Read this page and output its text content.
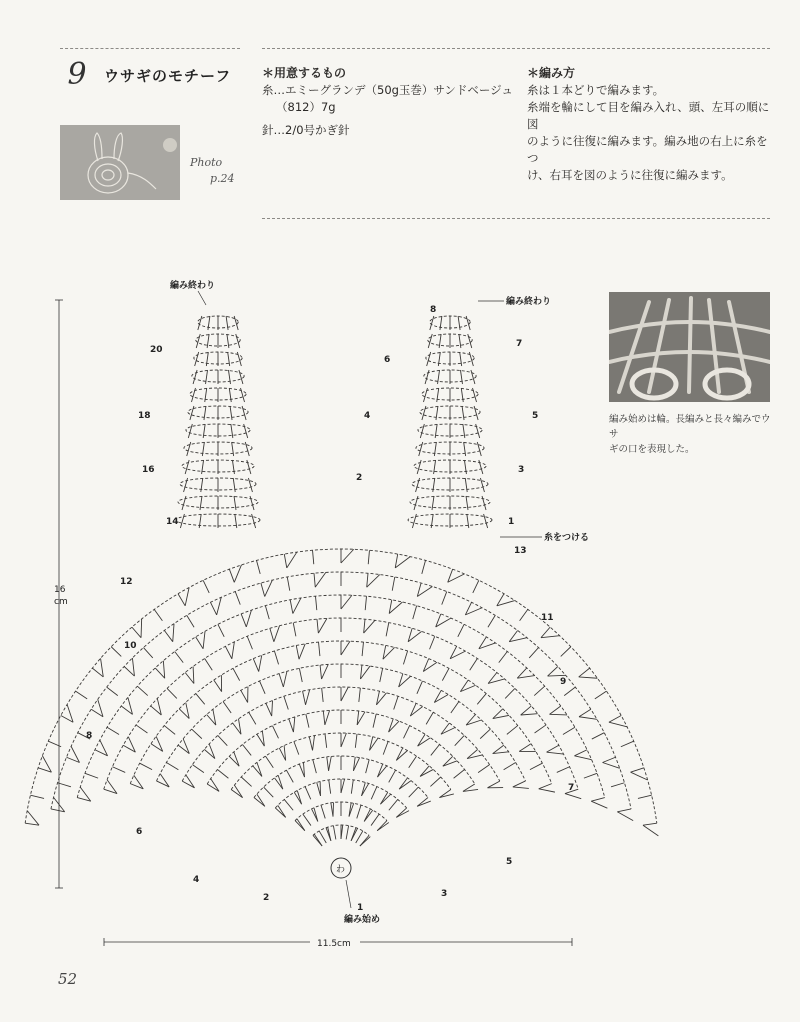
9	ウサギのモチーフ
Photo
p.24
＊用意するもの
糸…エミーグランデ（50g玉巻）サンドベージュ
（812）7g
針…2/0号かぎ針
＊編み方
糸は１本どりで編みます。
糸端を輪にして目を編み入れ、頭、左耳の順に図
のように往復に編みます。編み地の右上に糸をつ
け、右耳を図のように往復に編みます。
わ
16
cm
11.5cm
編み終わり
編み終わり
糸をつける
編み始め
20
18
16
14
12
10
8
6
4
2
13
11
9
7
5
3
1
8
6
4
2
7
5
3
1
編み始めは輪。長編みと長々編みでウサ
ギの口を表現した。
52
